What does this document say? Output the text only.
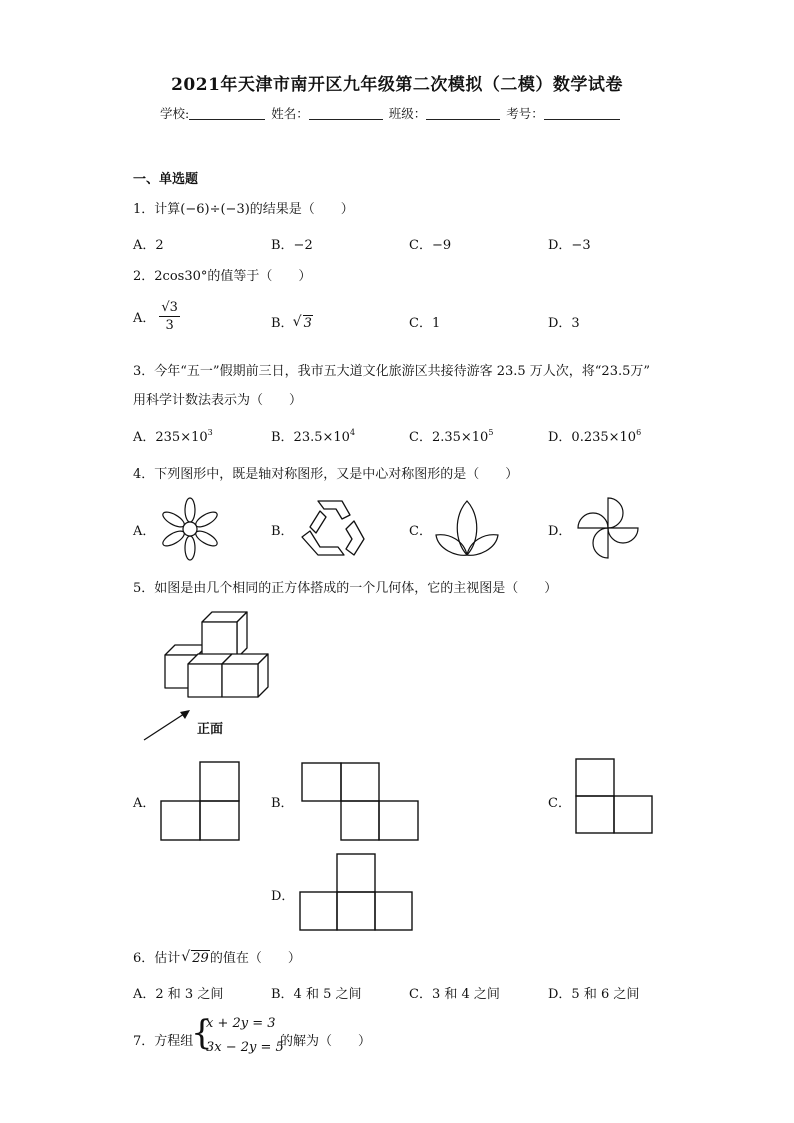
2021年天津市南开区九年级第二次模拟（二模）数学试卷
学校:	姓名：	班级：	考号：
一、单选题
1．计算(−6)÷(−3)的结果是（　　）
A．2	B．−2	C．−9	D．−3
2．2cos30°的值等于（　　）
A． $\frac{√3}{3}$	B． √ 3	C．1	D．3
3．今年“五一”假期前三日，我市五大道文化旅游区共接待游客 23.5 万人次，将“23.5万”
用科学计数法表示为（　　）
A．$235\times 10^3$	B．$23.5\times 10^4$	C．$2.35\times 10^5$	D．$0.235\times 10^6$
4．下列图形中，既是轴对称图形，又是中心对称图形的是（　　）
A．	B．	C．	D．
5．如图是由几个相同的正方体搭成的一个几何体，它的主视图是（　　）
正面
A．	B．	C．
D．
6．估计 √ 29的值在（　　）
A．2 和 3 之间	B．4 和 5 之间	C．3 和 4 之间	D．5 和 6 之间
7．方程组
{
x + 2y = 3
3x − 2y = 5
的解为（　　）
